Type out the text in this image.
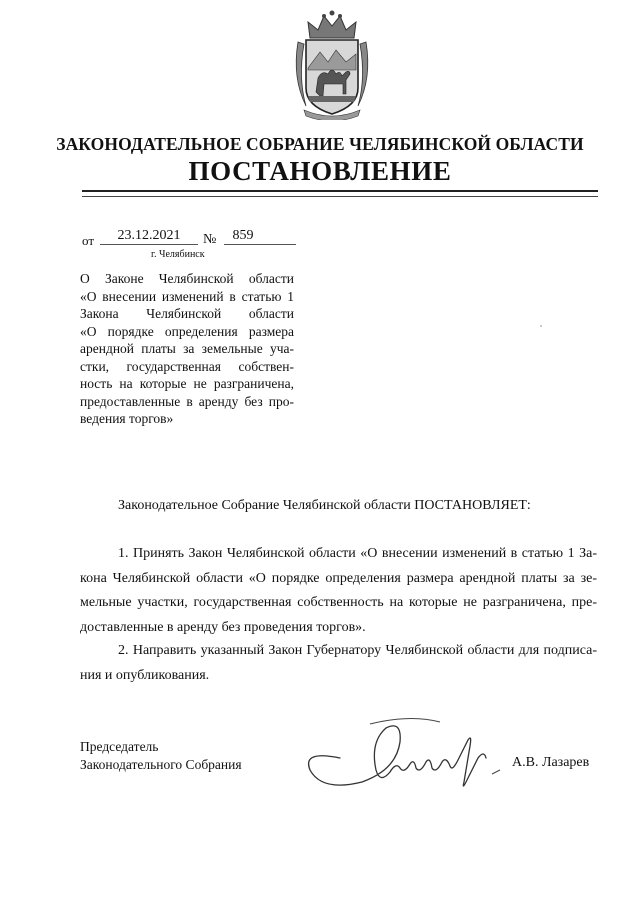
ЗАКОНОДАТЕЛЬНОЕ СОБРАНИЕ ЧЕЛЯБИНСКОЙ ОБЛАСТИ
ПОСТАНОВЛЕНИЕ
от	23.12.2021	№	859
г. Челябинск
О Законе Челябинской области
«О внесении изменений в статью 1
Закона Челябинской области
«О порядке определения размера
арендной платы за земельные уча-
стки, государственная собствен-
ность на которые не разграничена,
предоставленные в аренду без про-
ведения торгов»
Законодательное Собрание Челябинской области ПОСТАНОВЛЯЕТ:
1. Принять Закон Челябинской области «О внесении изменений в статью 1 За-
кона Челябинской области «О порядке определения размера арендной платы за зе-
мельные участки, государственная собственность на которые не разграничена, пре-
доставленные в аренду без проведения торгов».
2. Направить указанный Закон Губернатору Челябинской области для подписа-
ния и опубликования.
Председатель
Законодательного Собрания	А.В. Лазарев
